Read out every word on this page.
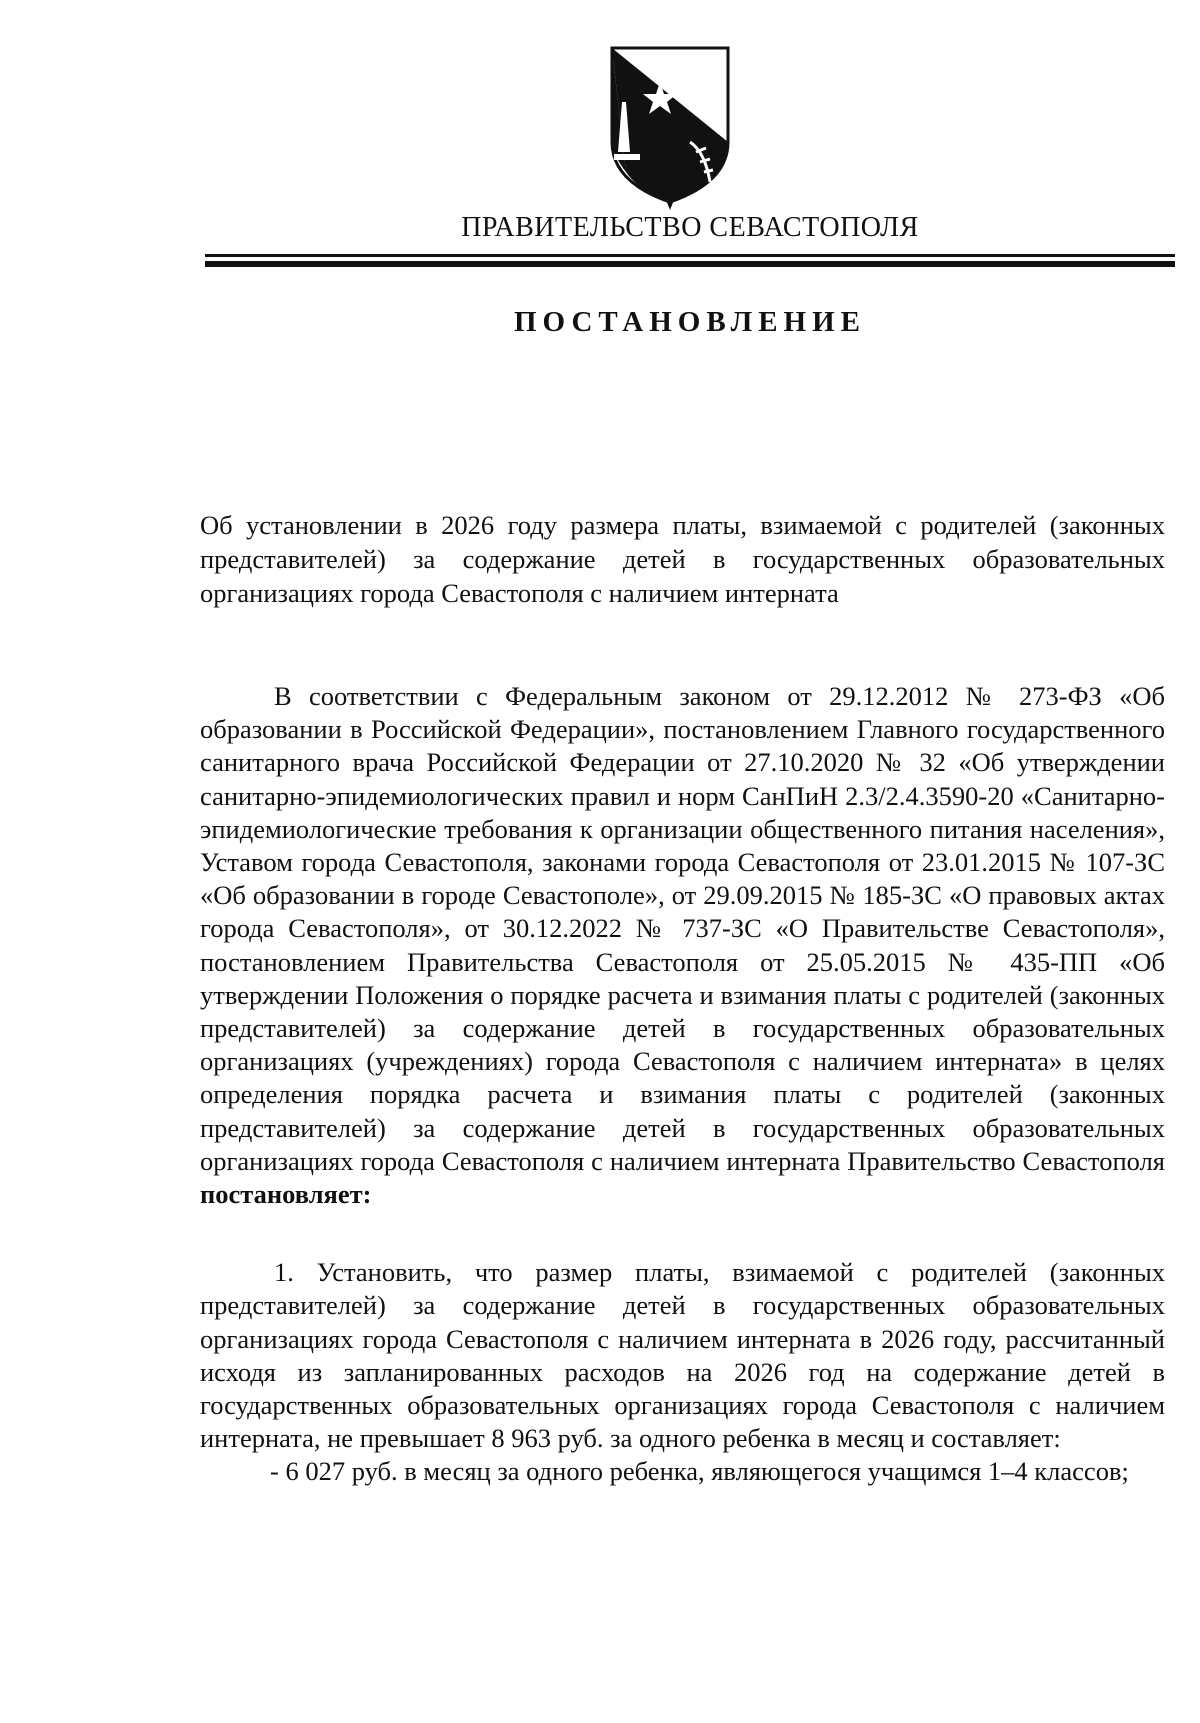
ПРАВИТЕЛЬСТВО СЕВАСТОПОЛЯ
ПОСТАНОВЛЕНИЕ
Об установлении в 2026 году размера платы, взимаемой с родителей (законных представителей) за содержание детей в государственных образовательных организациях города Севастополя с наличием интерната

В соответствии с Федеральным законом от 29.12.2012 № 273-ФЗ «Об образовании в Российской Федерации», постановлением Главного государственного санитарного врача Российской Федерации от 27.10.2020 № 32 «Об утверждении санитарно-эпидемиологических правил и норм СанПиН 2.3/2.4.3590-20 «Санитарно-эпидемиологические требования к организации общественного питания населения», Уставом города Севастополя, законами города Севастополя от 23.01.2015 № 107-ЗС «Об образовании в городе Севастополе», от 29.09.2015 № 185-ЗС «О правовых актах города Севастополя», от 30.12.2022 № 737-ЗС «О Правительстве Севастополя», постановлением Правительства Севастополя от 25.05.2015 № 435-ПП «Об утверждении Положения о порядке расчета и взимания платы с родителей (законных представителей) за содержание детей в государственных образовательных организациях (учреждениях) города Севастополя с наличием интерната» в целях определения порядка расчета и взимания платы с родителей (законных представителей) за содержание детей в государственных образовательных организациях города Севастополя с наличием интерната Правительство Севастополя постановляет:

1. Установить, что размер платы, взимаемой с родителей (законных представителей) за содержание детей в государственных образовательных организациях города Севастополя с наличием интерната в 2026 году, рассчитанный исходя из запланированных расходов на 2026 год на содержание детей в государственных образовательных организациях города Севастополя с наличием интерната, не превышает 8 963 руб. за одного ребенка в месяц и составляет:

- 6 027 руб. в месяц за одного ребенка, являющегося учащимся 1–4 классов;
